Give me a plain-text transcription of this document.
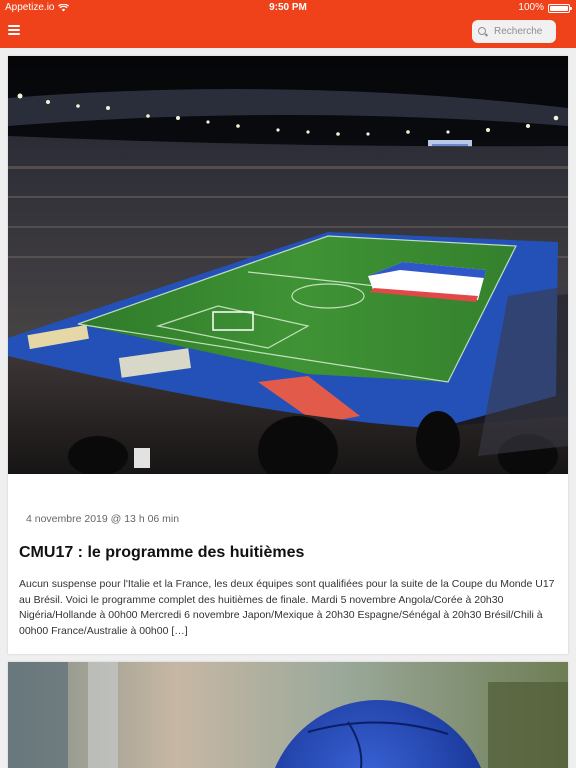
Appetize.io	9:50 PM	100%
Recherche
4 novembre 2019 @ 13 h 06 min
CMU17 : le programme des huitièmes
Aucun suspense pour l'Italie et la France, les deux équipes sont qualifiées pour la suite de la Coupe du Monde U17 au Brésil. Voici le programme complet des huitièmes de finale. Mardi 5 novembre Angola/Corée à 20h30 Nigéria/Hollande à 00h00 Mercredi 6 novembre Japon/Mexique à 20h30 Espagne/Sénégal à 20h30 Brésil/Chili à 00h00 France/Australie à 00h00 […]
